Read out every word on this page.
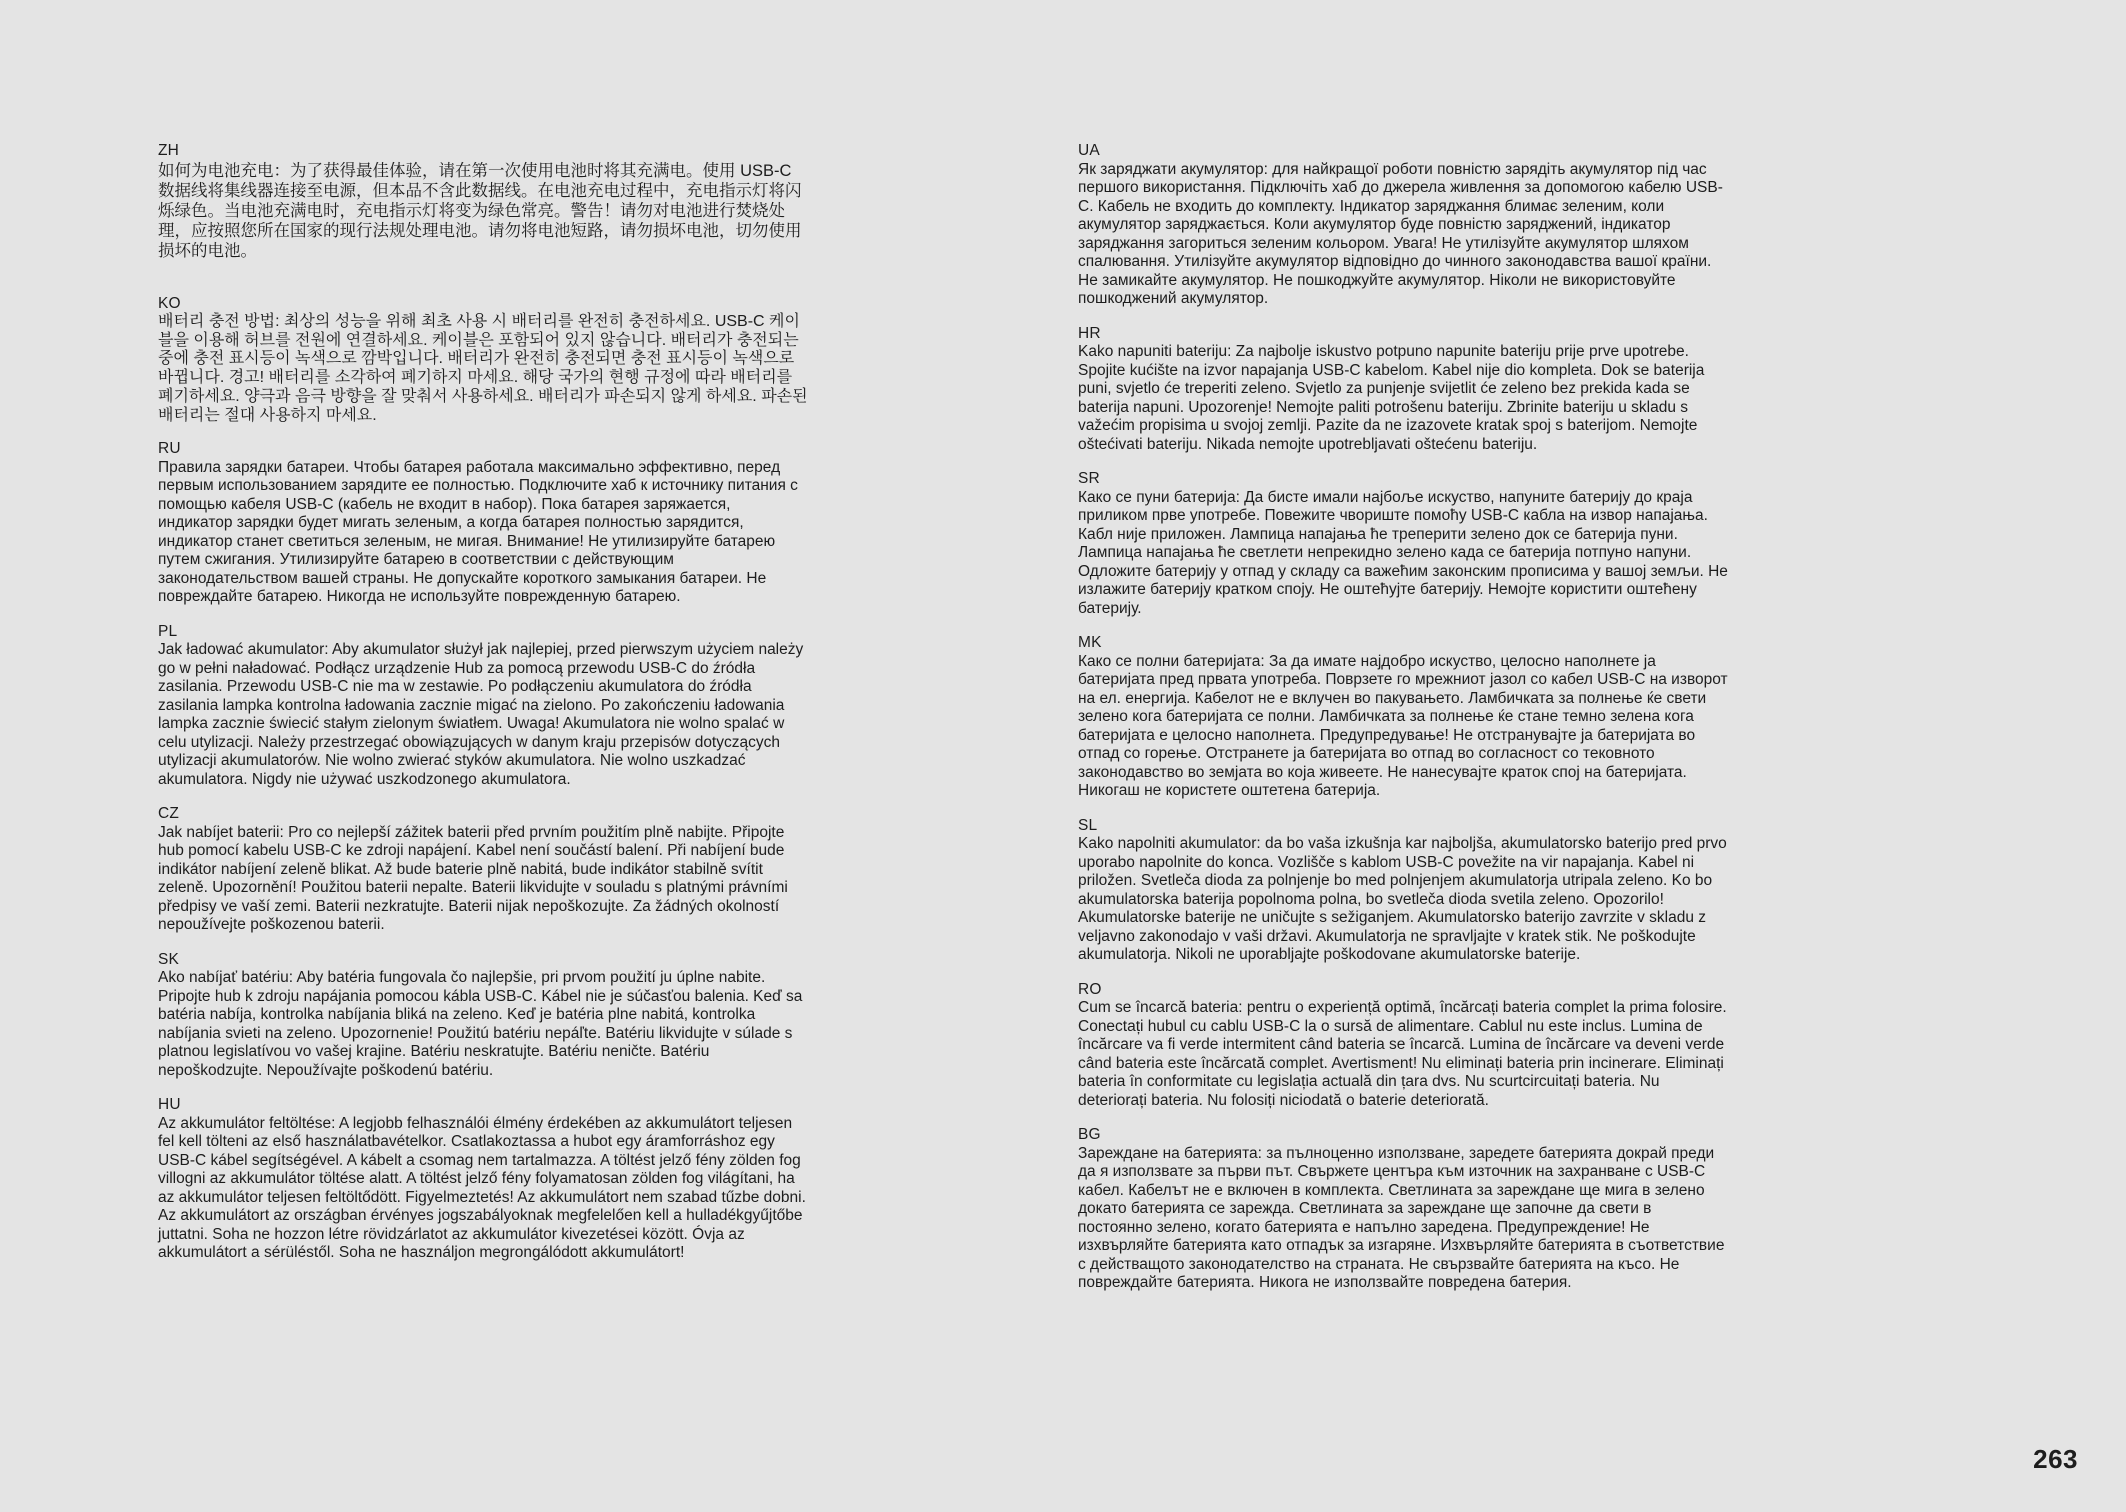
ZH

如何为电池充电：为了获得最佳体验，请在第一次使用电池时将其充满电。使用 USB-C 数据线将集线器连接至电源，但本品不含此数据线。在电池充电过程中，充电指示灯将闪烁绿色。当电池充满电时，充电指示灯将变为绿色常亮。警告！请勿对电池进行焚烧处理，应按照您所在国家的现行法规处理电池。请勿将电池短路，请勿损坏电池，切勿使用损坏的电池。

KO

배터리 충전 방법: 최상의 성능을 위해 최초 사용 시 배터리를 완전히 충전하세요. USB-C 케이블을 이용해 허브를 전원에 연결하세요. 케이블은 포함되어 있지 않습니다. 배터리가 충전되는 중에 충전 표시등이 녹색으로 깜박입니다. 배터리가 완전히 충전되면 충전 표시등이 녹색으로 바뀝니다. 경고! 배터리를 소각하여 폐기하지 마세요. 해당 국가의 현행 규정에 따라 배터리를 폐기하세요. 양극과 음극 방향을 잘 맞춰서 사용하세요. 배터리가 파손되지 않게 하세요. 파손된 배터리는 절대 사용하지 마세요.

RU

Правила зарядки батареи. Чтобы батарея работала максимально эффективно, перед первым использованием зарядите ее полностью. Подключите хаб к источнику питания с помощью кабеля USB-C (кабель не входит в набор). Пока батарея заряжается, индикатор зарядки будет мигать зеленым, а когда батарея полностью зарядится, индикатор станет светиться зеленым, не мигая. Внимание! Не утилизируйте батарею путем сжигания. Утилизируйте батарею в соответствии с действующим законодательством вашей страны. Не допускайте короткого замыкания батареи. Не повреждайте батарею. Никогда не используйте поврежденную батарею.

PL

Jak ładować akumulator: Aby akumulator służył jak najlepiej, przed pierwszym użyciem należy go w pełni naładować. Podłącz urządzenie Hub za pomocą przewodu USB-C do źródła zasilania. Przewodu USB-C nie ma w zestawie. Po podłączeniu akumulatora do źródła zasilania lampka kontrolna ładowania zacznie migać na zielono. Po zakończeniu ładowania lampka zacznie świecić stałym zielonym światłem. Uwaga! Akumulatora nie wolno spalać w celu utylizacji. Należy przestrzegać obowiązujących w danym kraju przepisów dotyczących utylizacji akumulatorów. Nie wolno zwierać styków akumulatora. Nie wolno uszkadzać akumulatora. Nigdy nie używać uszkodzonego akumulatora.

CZ

Jak nabíjet baterii: Pro co nejlepší zážitek baterii před prvním použitím plně nabijte. Připojte hub pomocí kabelu USB-C ke zdroji napájení. Kabel není součástí balení. Při nabíjení bude indikátor nabíjení zeleně blikat. Až bude baterie plně nabitá, bude indikátor stabilně svítit zeleně. Upozornění! Použitou baterii nepalte. Baterii likvidujte v souladu s platnými právními předpisy ve vaší zemi. Baterii nezkratujte. Baterii nijak nepoškozujte. Za žádných okolností nepoužívejte poškozenou baterii.

SK

Ako nabíjať batériu: Aby batéria fungovala čo najlepšie, pri prvom použití ju úplne nabite. Pripojte hub k zdroju napájania pomocou kábla USB-C. Kábel nie je súčasťou balenia. Keď sa batéria nabíja, kontrolka nabíjania bliká na zeleno. Keď je batéria plne nabitá, kontrolka nabíjania svieti na zeleno. Upozornenie! Použitú batériu nepáľte. Batériu likvidujte v súlade s platnou legislatívou vo vašej krajine. Batériu neskratujte. Batériu neničte. Batériu nepoškodzujte. Nepoužívajte poškodenú batériu.

HU

Az akkumulátor feltöltése: A legjobb felhasználói élmény érdekében az akkumulátort teljesen fel kell tölteni az első használatbavételkor. Csatlakoztassa a hubot egy áramforráshoz egy USB-C kábel segítségével. A kábelt a csomag nem tartalmazza. A töltést jelző fény zölden fog villogni az akkumulátor töltése alatt. A töltést jelző fény folyamatosan zölden fog világítani, ha az akkumulátor teljesen feltöltődött. Figyelmeztetés! Az akkumulátort nem szabad tűzbe dobni. Az akkumulátort az országban érvényes jogszabályoknak megfelelően kell a hulladékgyűjtőbe juttatni. Soha ne hozzon létre rövidzárlatot az akkumulátor kivezetései között. Óvja az akkumulátort a sérüléstől. Soha ne használjon megrongálódott akkumulátort!

UA

Як заряджати акумулятор: для найкращої роботи повністю зарядіть акумулятор під час першого використання. Підключіть хаб до джерела живлення за допомогою кабелю USB-C. Кабель не входить до комплекту. Індикатор заряджання блимає зеленим, коли акумулятор заряджається. Коли акумулятор буде повністю заряджений, індикатор заряджання загориться зеленим кольором. Увага! Не утилізуйте акумулятор шляхом спалювання. Утилізуйте акумулятор відповідно до чинного законодавства вашої країни. Не замикайте акумулятор. Не пошкоджуйте акумулятор. Ніколи не використовуйте пошкоджений акумулятор.

HR

Kako napuniti bateriju: Za najbolje iskustvo potpuno napunite bateriju prije prve upotrebe. Spojite kućište na izvor napajanja USB-C kabelom. Kabel nije dio kompleta. Dok se baterija puni, svjetlo će treperiti zeleno. Svjetlo za punjenje svijetlit će zeleno bez prekida kada se baterija napuni. Upozorenje! Nemojte paliti potrošenu bateriju. Zbrinite bateriju u skladu s važećim propisima u svojoj zemlji. Pazite da ne izazovete kratak spoj s baterijom. Nemojte oštećivati bateriju. Nikada nemojte upotrebljavati oštećenu bateriju.

SR

Како се пуни батерија: Да бисте имали најбоље искуство, напуните батерију до краја приликом прве употребе. Повежите чвориште помоћу USB-C кабла на извор напајања. Кабл није приложен. Лампица напајања ће треперити зелено док се батерија пуни. Лампица напајања ће светлети непрекидно зелено када се батерија потпуно напуни. Одложите батерију у отпад у складу са важећим законским прописима у вашој земљи. Не излажите батерију кратком споју. Не оштећујте батерију. Немојте користити оштећену батерију.

MK

Како се полни батеријата: За да имате најдобро искуство, целосно наполнете ја батеријата пред првата употреба. Поврзете го мрежниот јазол со кабел USB-C на изворот на ел. енергија. Кабелот не е вклучен во пакувањето. Ламбичката за полнење ќе свети зелено кога батеријата се полни. Ламбичката за полнење ќе стане темно зелена кога батеријата е целосно наполнета. Предупредување! Не отстранувајте ја батеријата во отпад со горење. Отстранете ја батеријата во отпад во согласност со тековното законодавство во земјата во која живеете. Не нанесувајте краток спој на батеријата. Никогаш не користете оштетена батерија.

SL

Kako napolniti akumulator: da bo vaša izkušnja kar najboljša, akumulatorsko baterijo pred prvo uporabo napolnite do konca. Vozlišče s kablom USB-C povežite na vir napajanja. Kabel ni priložen. Svetleča dioda za polnjenje bo med polnjenjem akumulatorja utripala zeleno. Ko bo akumulatorska baterija popolnoma polna, bo svetleča dioda svetila zeleno. Opozorilo! Akumulatorske baterije ne uničujte s sežiganjem. Akumulatorsko baterijo zavrzite v skladu z veljavno zakonodajo v vaši državi. Akumulatorja ne spravljajte v kratek stik. Ne poškodujte akumulatorja. Nikoli ne uporabljajte poškodovane akumulatorske baterije.

RO

Cum se încarcă bateria: pentru o experiență optimă, încărcați bateria complet la prima folosire. Conectați hubul cu cablu USB-C la o sursă de alimentare. Cablul nu este inclus. Lumina de încărcare va fi verde intermitent când bateria se încarcă. Lumina de încărcare va deveni verde când bateria este încărcată complet. Avertisment! Nu eliminați bateria prin incinerare. Eliminați bateria în conformitate cu legislația actuală din țara dvs. Nu scurtcircuitați bateria. Nu deteriorați bateria. Nu folosiți niciodată o baterie deteriorată.

BG

Зареждане на батерията: за пълноценно използване, заредете батерията докрай преди да я използвате за първи път. Свържете центъра към източник на захранване с USB-C кабел. Кабелът не е включен в комплекта. Светлината за зареждане ще мига в зелено докато батерията се зарежда. Светлината за зареждане ще започне да свети в постоянно зелено, когато батерията е напълно заредена. Предупреждение! Не изхвърляйте батерията като отпадък за изгаряне. Изхвърляйте батерията в съответствие с действащото законодателство на страната. Не свързвайте батерията на късо. Не повреждайте батерията. Никога не използвайте повредена батерия.

263
